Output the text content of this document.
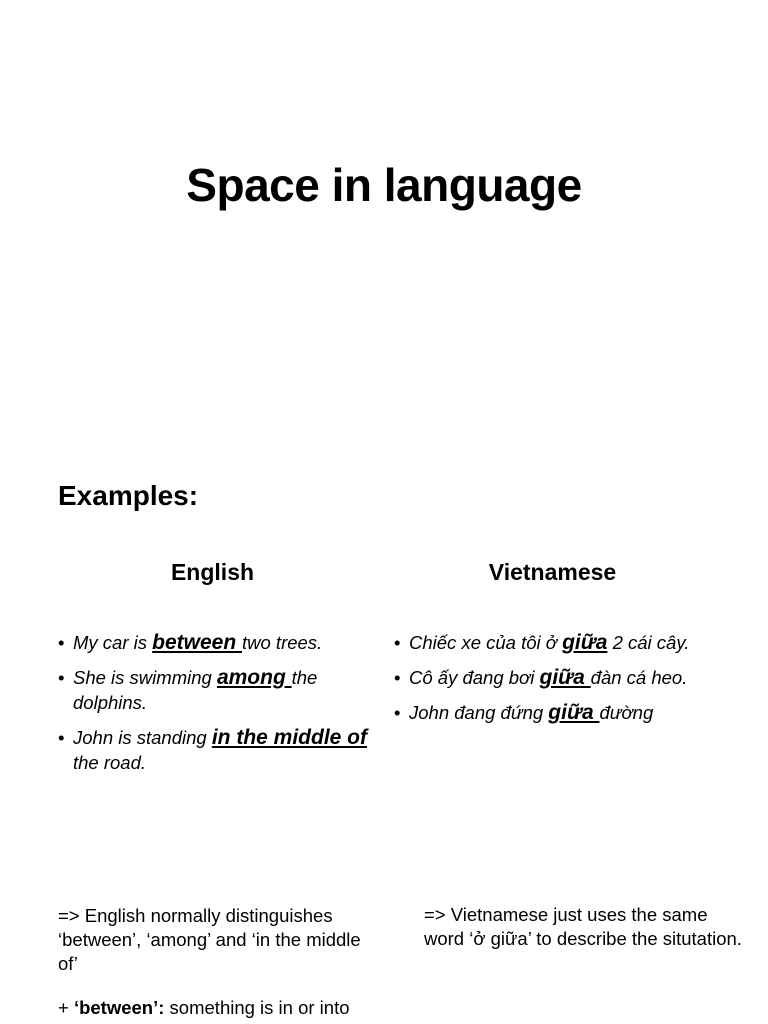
Space in language
Examples:
English	Vietnamese
• My car is between two trees.
• She is swimming among the dolphins.
• John is standing in the middle of the road.
• Chiếc xe của tôi ở giữa 2 cái cây.
• Cô ấy đang bơi giữa đàn cá heo.
• John đang đứng giữa đường
=> English normally distinguishes ‘between’, ‘among’ and ‘in the middle of’
=> Vietnamese just uses the same word ‘ở giữa’ to describe the situtation.
+ ‘between’: something is in or into
